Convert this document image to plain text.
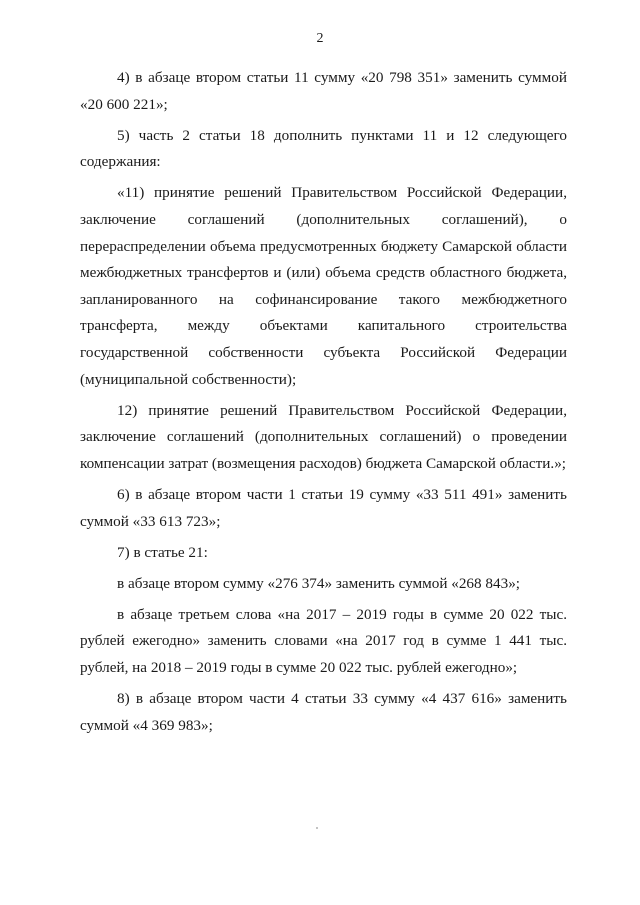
2

4) в абзаце втором статьи 11 сумму «20 798 351» заменить суммой «20 600 221»;

5) часть 2 статьи 18 дополнить пунктами 11 и 12 следующего содержания:

«11) принятие решений Правительством Российской Федерации, заключение соглашений (дополнительных соглашений), о перераспределении объема предусмотренных бюджету Самарской области межбюджетных трансфертов и (или) объема средств областного бюджета, запланированного на софинансирование такого межбюджетного трансферта, между объектами капитального строительства государственной собственности субъекта Российской Федерации (муниципальной собственности);

12) принятие решений Правительством Российской Федерации, заключение соглашений (дополнительных соглашений) о проведении компенсации затрат (возмещения расходов) бюджета Самарской области.»;

6) в абзаце втором части 1 статьи 19 сумму «33 511 491» заменить суммой «33 613 723»;

7) в статье 21:

в абзаце втором сумму «276 374» заменить суммой «268 843»;

в абзаце третьем слова «на 2017 – 2019 годы в сумме 20 022 тыс. рублей ежегодно» заменить словами «на 2017 год в сумме 1 441 тыс. рублей, на 2018 – 2019 годы в сумме 20 022 тыс. рублей ежегодно»;

8) в абзаце втором части 4 статьи 33 сумму «4 437 616» заменить суммой «4 369 983»;
